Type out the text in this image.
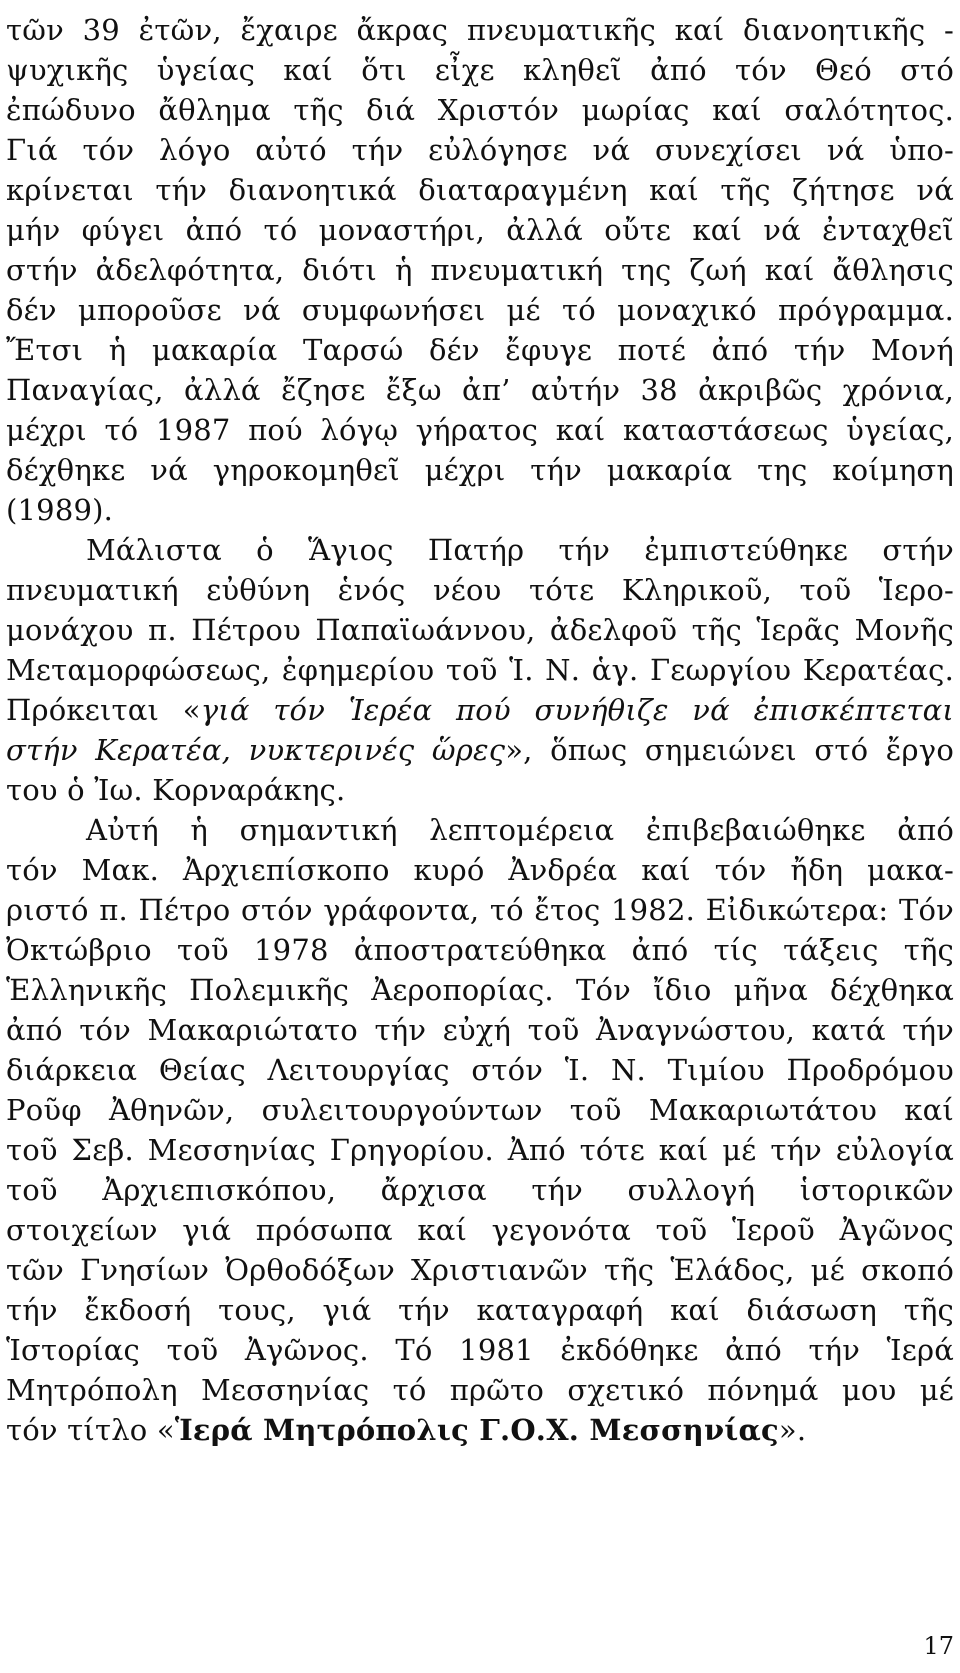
τῶν 39 ἐτῶν, ἔχαιρε ἄκρας πνευματικῆς καί διανοητικῆς -
ψυχικῆς ὑγείας καί ὅτι εἶχε κληθεῖ ἀπό τόν Θεό στό
ἐπώδυνο ἄθλημα τῆς διά Χριστόν μωρίας καί σαλότητος.
Γιά τόν λόγο αὐτό τήν εὐλόγησε νά συνεχίσει νά ὑπο-
κρίνεται τήν διανοητικά διαταραγμένη καί τῆς ζήτησε νά
μήν φύγει ἀπό τό μοναστήρι, ἀλλά οὔτε καί νά ἐνταχθεῖ
στήν ἀδελφότητα, διότι ἡ πνευματική της ζωή καί ἄθλησις
δέν μποροῦσε νά συμφωνήσει μέ τό μοναχικό πρόγραμμα.
Ἔτσι ἡ μακαρία Ταρσώ δέν ἔφυγε ποτέ ἀπό τήν Μονή
Παναγίας, ἀλλά ἔζησε ἔξω ἀπ’ αὐτήν 38 ἀκριβῶς χρόνια,
μέχρι τό 1987 πού λόγῳ γήρατος καί καταστάσεως ὑγείας,
δέχθηκε νά γηροκομηθεῖ μέχρι τήν μακαρία της κοίμηση
(1989).
Μάλιστα ὁ Ἅγιος Πατήρ τήν ἐμπιστεύθηκε στήν
πνευματική εὐθύνη ἑνός νέου τότε Κληρικοῦ, τοῦ Ἱερο-
μονάχου π. Πέτρου Παπαϊωάννου, ἀδελφοῦ τῆς Ἱερᾶς Μονῆς
Μεταμορφώσεως, ἐφημερίου τοῦ Ἱ. Ν. ἁγ. Γεωργίου Κερατέας.
Πρόκειται «γιά τόν Ἱερέα πού συνήθιζε νά ἐπισκέπτεται
στήν Κερατέα, νυκτερινές ὥρες», ὅπως σημειώνει στό ἔργο
του ὁ Ἰω. Κορναράκης.
Αὐτή ἡ σημαντική λεπτομέρεια ἐπιβεβαιώθηκε ἀπό
τόν Μακ. Ἀρχιεπίσκοπο κυρό Ἀνδρέα καί τόν ἤδη μακα-
ριστό π. Πέτρο στόν γράφοντα, τό ἔτος 1982. Εἰδικώτερα: Τόν
Ὀκτώβριο τοῦ 1978 ἀποστρατεύθηκα ἀπό τίς τάξεις τῆς
Ἑλληνικῆς Πολεμικῆς Ἀεροπορίας. Τόν ἴδιο μῆνα δέχθηκα
ἀπό τόν Μακαριώτατο τήν εὐχή τοῦ Ἀναγνώστου, κατά τήν
διάρκεια Θείας Λειτουργίας στόν Ἱ. Ν. Τιμίου Προδρόμου
Ροῦφ Ἀθηνῶν, συλειτουργούντων τοῦ Μακαριωτάτου καί
τοῦ Σεβ. Μεσσηνίας Γρηγορίου. Ἀπό τότε καί μέ τήν εὐλογία
τοῦ Ἀρχιεπισκόπου, ἄρχισα τήν συλλογή ἱστορικῶν
στοιχείων γιά πρόσωπα καί γεγονότα τοῦ Ἱεροῦ Ἀγῶνος
τῶν Γνησίων Ὀρθοδόξων Χριστιανῶν τῆς Ἑλάδος, μέ σκοπό
τήν ἔκδοσή τους, γιά τήν καταγραφή καί διάσωση τῆς
Ἱστορίας τοῦ Ἀγῶνος. Τό 1981 ἐκδόθηκε ἀπό τήν Ἱερά
Μητρόπολη Μεσσηνίας τό πρῶτο σχετικό πόνημά μου μέ
τόν τίτλο «Ἱερά Μητρόπολις Γ.Ο.Χ. Μεσσηνίας».
17
